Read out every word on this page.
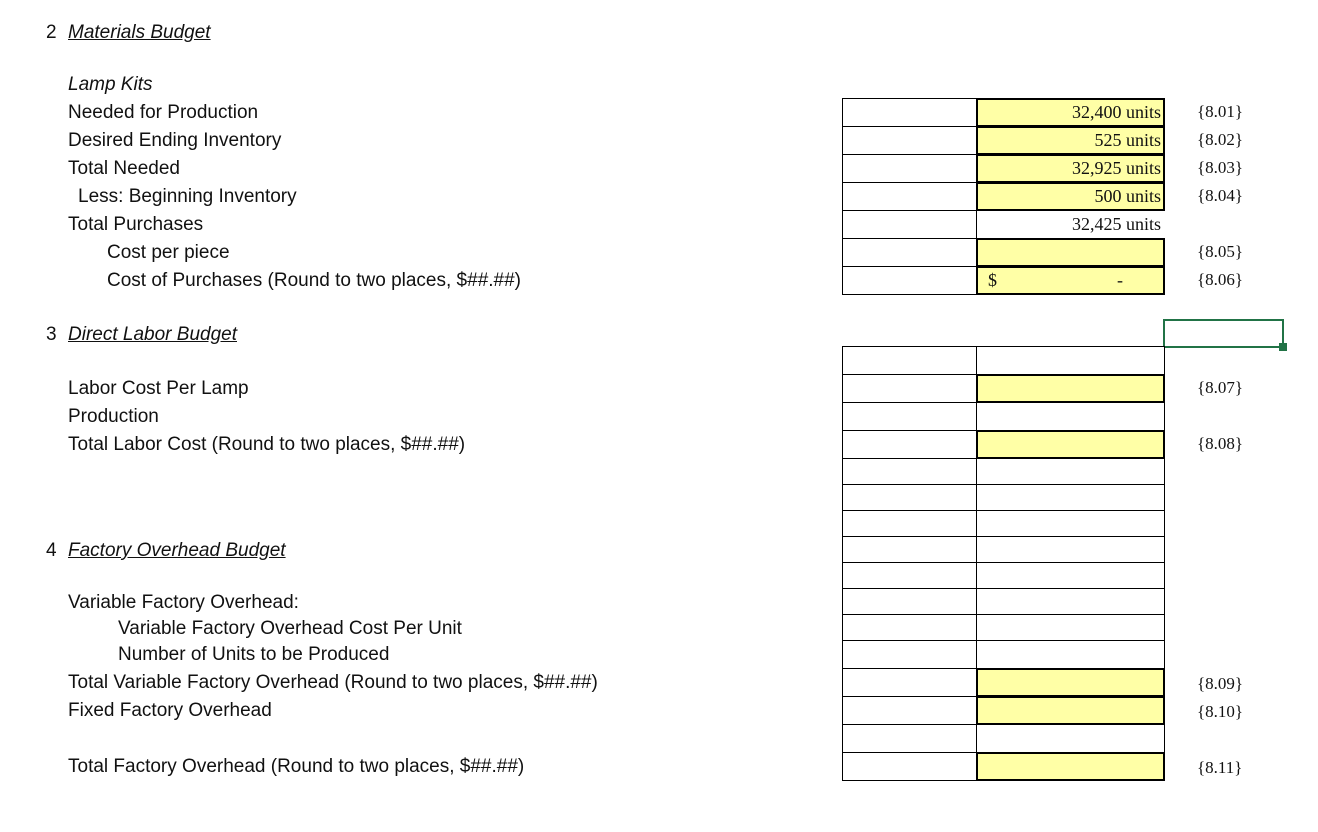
2 Materials Budget
Lamp Kits
Needed for Production
Desired Ending Inventory
Total Needed
Less: Beginning Inventory
Total Purchases
Cost per piece
Cost of Purchases (Round to two places, $##.##)
32,400 units
525 units
32,925 units
500 units
32,425 units
$	-
{8.01}
{8.02}
{8.03}
{8.04}
{8.05}
{8.06}
3 Direct Labor Budget
Labor Cost Per Lamp
Production
Total Labor Cost (Round to two places, $##.##)
{8.07}
{8.08}
4 Factory Overhead Budget
Variable Factory Overhead:
Variable Factory Overhead Cost Per Unit
Number of Units to be Produced
Total Variable Factory Overhead (Round to two places, $##.##)
Fixed Factory Overhead
Total Factory Overhead (Round to two places, $##.##)
{8.09}
{8.10}
{8.11}
